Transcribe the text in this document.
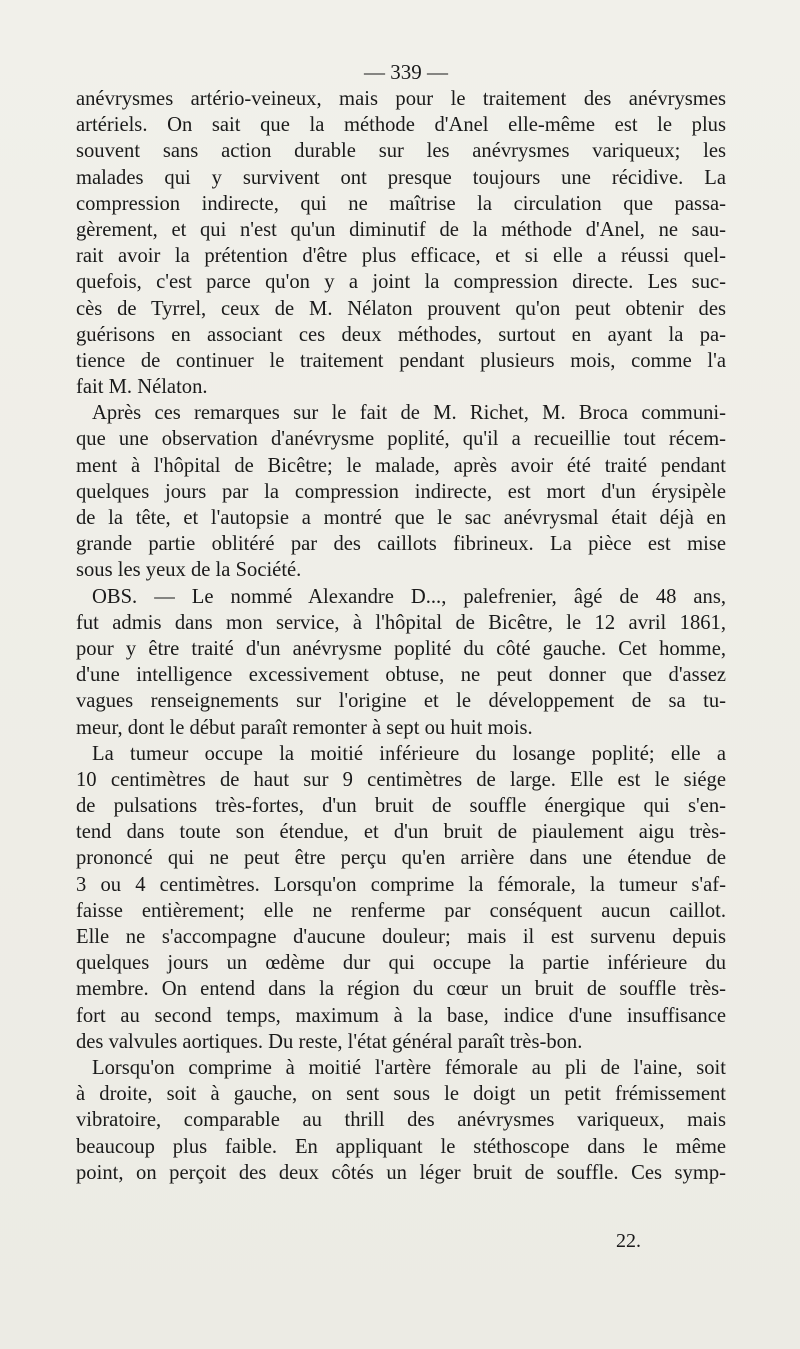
— 339 —
anévrysmes artério-veineux, mais pour le traitement des anévrysmes
artériels. On sait que la méthode d'Anel elle-même est le plus
souvent sans action durable sur les anévrysmes variqueux; les
malades qui y survivent ont presque toujours une récidive. La
compression indirecte, qui ne maîtrise la circulation que passa-
gèrement, et qui n'est qu'un diminutif de la méthode d'Anel, ne sau-
rait avoir la prétention d'être plus efficace, et si elle a réussi quel-
quefois, c'est parce qu'on y a joint la compression directe. Les suc-
cès de Tyrrel, ceux de M. Nélaton prouvent qu'on peut obtenir des
guérisons en associant ces deux méthodes, surtout en ayant la pa-
tience de continuer le traitement pendant plusieurs mois, comme l'a
fait M. Nélaton.
Après ces remarques sur le fait de M. Richet, M. Broca communi-
que une observation d'anévrysme poplité, qu'il a recueillie tout récem-
ment à l'hôpital de Bicêtre; le malade, après avoir été traité pendant
quelques jours par la compression indirecte, est mort d'un érysipèle
de la tête, et l'autopsie a montré que le sac anévrysmal était déjà en
grande partie oblitéré par des caillots fibrineux. La pièce est mise
sous les yeux de la Société.
OBS. — Le nommé Alexandre D..., palefrenier, âgé de 48 ans,
fut admis dans mon service, à l'hôpital de Bicêtre, le 12 avril 1861,
pour y être traité d'un anévrysme poplité du côté gauche. Cet homme,
d'une intelligence excessivement obtuse, ne peut donner que d'assez
vagues renseignements sur l'origine et le développement de sa tu-
meur, dont le début paraît remonter à sept ou huit mois.
La tumeur occupe la moitié inférieure du losange poplité; elle a
10 centimètres de haut sur 9 centimètres de large. Elle est le siége
de pulsations très-fortes, d'un bruit de souffle énergique qui s'en-
tend dans toute son étendue, et d'un bruit de piaulement aigu très-
prononcé qui ne peut être perçu qu'en arrière dans une étendue de
3 ou 4 centimètres. Lorsqu'on comprime la fémorale, la tumeur s'af-
faisse entièrement; elle ne renferme par conséquent aucun caillot.
Elle ne s'accompagne d'aucune douleur; mais il est survenu depuis
quelques jours un œdème dur qui occupe la partie inférieure du
membre. On entend dans la région du cœur un bruit de souffle très-
fort au second temps, maximum à la base, indice d'une insuffisance
des valvules aortiques. Du reste, l'état général paraît très-bon.
Lorsqu'on comprime à moitié l'artère fémorale au pli de l'aine, soit
à droite, soit à gauche, on sent sous le doigt un petit frémissement
vibratoire, comparable au thrill des anévrysmes variqueux, mais
beaucoup plus faible. En appliquant le stéthoscope dans le même
point, on perçoit des deux côtés un léger bruit de souffle. Ces symp-
22.
